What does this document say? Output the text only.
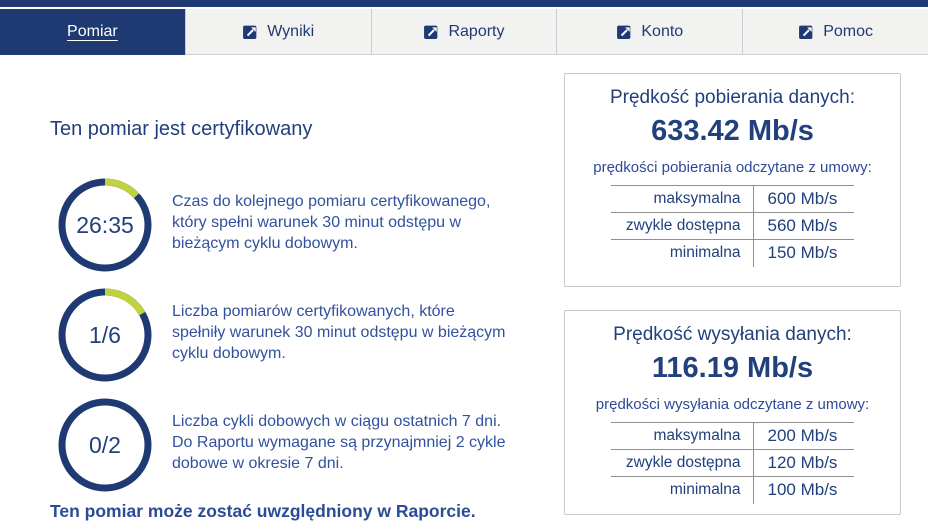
Pomiar	Wyniki	Raporty	Konto	Pomoc
Ten pomiar jest certyfikowany
26:35
Czas do kolejnego pomiaru certyfikowanego, który spełni warunek 30 minut odstępu w bieżącym cyklu dobowym.
1/6
Liczba pomiarów certyfikowanych, które spełniły warunek 30 minut odstępu w bieżącym cyklu dobowym.
0/2
Liczba cykli dobowych w ciągu ostatnich 7 dni. Do Raportu wymagane są przynajmniej 2 cykle dobowe w okresie 7 dni.
Ten pomiar może zostać uwzględniony w Raporcie.
Prędkość pobierania danych:
633.42 Mb/s
prędkości pobierania odczytane z umowy:
maksymalna	600 Mb/s
zwykle dostępna	560 Mb/s
minimalna	150 Mb/s
Prędkość wysyłania danych:
116.19 Mb/s
prędkości wysyłania odczytane z umowy:
maksymalna	200 Mb/s
zwykle dostępna	120 Mb/s
minimalna	100 Mb/s
